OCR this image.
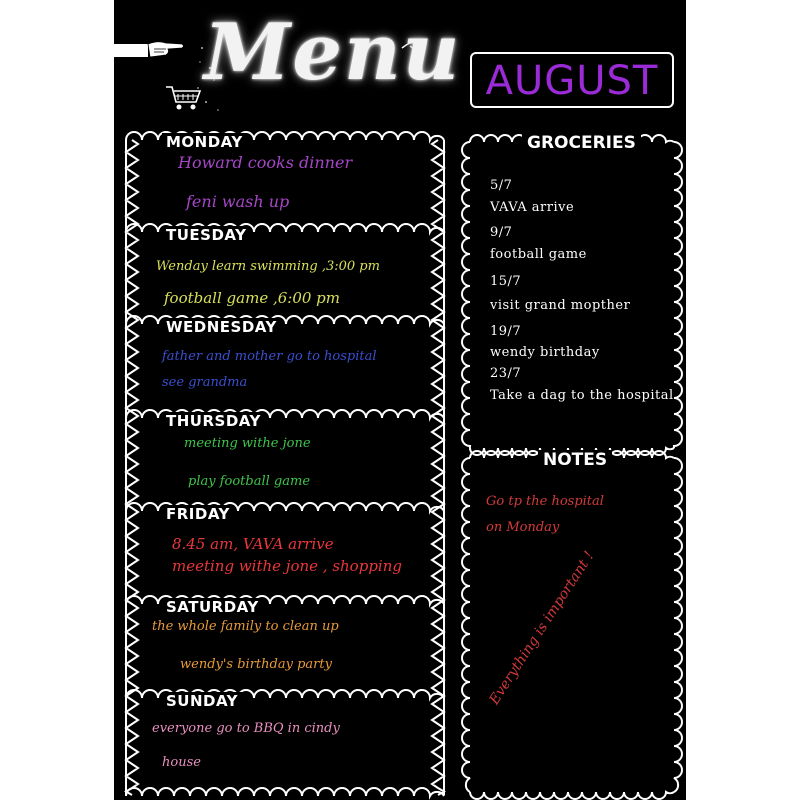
Menu AUGUST
MONDAY
Howard cooks dinner
feni wash up
TUESDAY
Wenday learn swimming ,3:00 pm
football game ,6:00 pm
WEDNESDAY
father and mother go to hospital
see grandma
THURSDAY
meeting withe jone
play football game
FRIDAY
8.45 am, VAVA arrive
meeting withe jone , shopping
SATURDAY
the whole family to clean up
wendy's birthday party
SUNDAY
everyone go to BBQ in cindy
house
GROCERIES
5/7
VAVA arrive
9/7
football game
15/7
visit grand mopther
19/7
wendy birthday
23/7
Take a dag to the hospital
NOTES
Go tp the hospital
on Monday
Everything is important !
